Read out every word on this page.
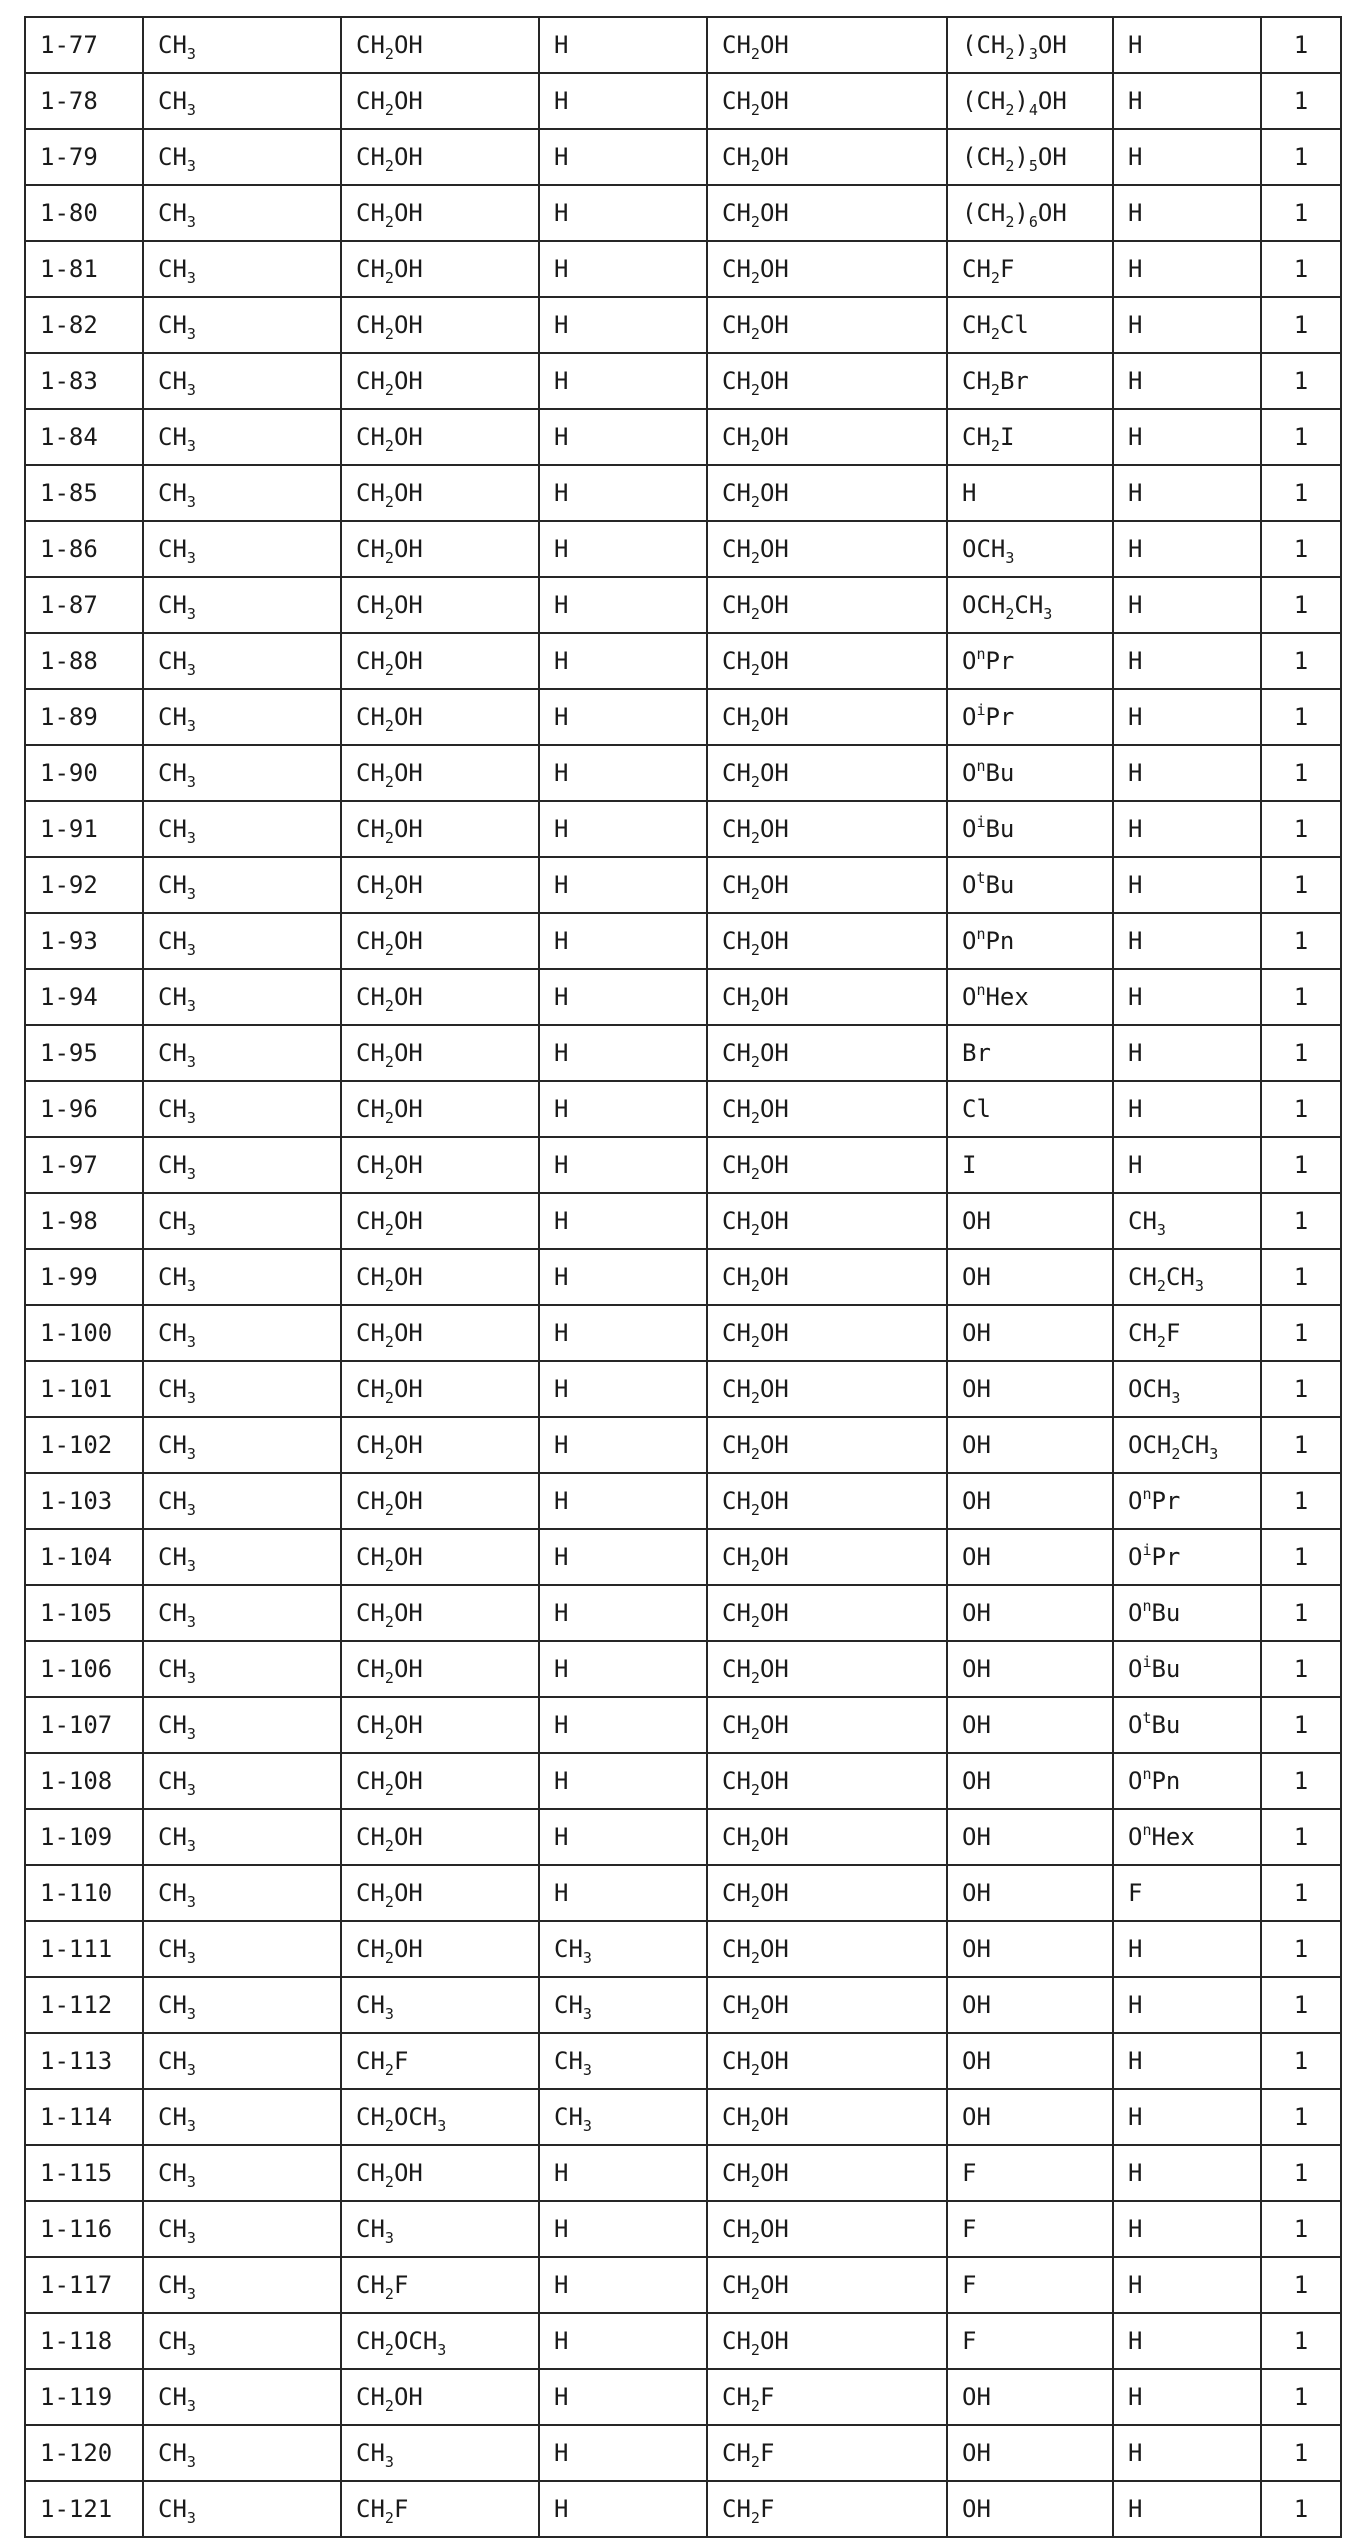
1-77	CH3	CH2OH	H	CH2OH	(CH2)3OH	H	1
1-78	CH3	CH2OH	H	CH2OH	(CH2)4OH	H	1
1-79	CH3	CH2OH	H	CH2OH	(CH2)5OH	H	1
1-80	CH3	CH2OH	H	CH2OH	(CH2)6OH	H	1
1-81	CH3	CH2OH	H	CH2OH	CH2F	H	1
1-82	CH3	CH2OH	H	CH2OH	CH2Cl	H	1
1-83	CH3	CH2OH	H	CH2OH	CH2Br	H	1
1-84	CH3	CH2OH	H	CH2OH	CH2I	H	1
1-85	CH3	CH2OH	H	CH2OH	H	H	1
1-86	CH3	CH2OH	H	CH2OH	OCH3	H	1
1-87	CH3	CH2OH	H	CH2OH	OCH2CH3	H	1
1-88	CH3	CH2OH	H	CH2OH	OnPr	H	1
1-89	CH3	CH2OH	H	CH2OH	OiPr	H	1
1-90	CH3	CH2OH	H	CH2OH	OnBu	H	1
1-91	CH3	CH2OH	H	CH2OH	OiBu	H	1
1-92	CH3	CH2OH	H	CH2OH	OtBu	H	1
1-93	CH3	CH2OH	H	CH2OH	OnPn	H	1
1-94	CH3	CH2OH	H	CH2OH	OnHex	H	1
1-95	CH3	CH2OH	H	CH2OH	Br	H	1
1-96	CH3	CH2OH	H	CH2OH	Cl	H	1
1-97	CH3	CH2OH	H	CH2OH	I	H	1
1-98	CH3	CH2OH	H	CH2OH	OH	CH3	1
1-99	CH3	CH2OH	H	CH2OH	OH	CH2CH3	1
1-100	CH3	CH2OH	H	CH2OH	OH	CH2F	1
1-101	CH3	CH2OH	H	CH2OH	OH	OCH3	1
1-102	CH3	CH2OH	H	CH2OH	OH	OCH2CH3	1
1-103	CH3	CH2OH	H	CH2OH	OH	OnPr	1
1-104	CH3	CH2OH	H	CH2OH	OH	OiPr	1
1-105	CH3	CH2OH	H	CH2OH	OH	OnBu	1
1-106	CH3	CH2OH	H	CH2OH	OH	OiBu	1
1-107	CH3	CH2OH	H	CH2OH	OH	OtBu	1
1-108	CH3	CH2OH	H	CH2OH	OH	OnPn	1
1-109	CH3	CH2OH	H	CH2OH	OH	OnHex	1
1-110	CH3	CH2OH	H	CH2OH	OH	F	1
1-111	CH3	CH2OH	CH3	CH2OH	OH	H	1
1-112	CH3	CH3	CH3	CH2OH	OH	H	1
1-113	CH3	CH2F	CH3	CH2OH	OH	H	1
1-114	CH3	CH2OCH3	CH3	CH2OH	OH	H	1
1-115	CH3	CH2OH	H	CH2OH	F	H	1
1-116	CH3	CH3	H	CH2OH	F	H	1
1-117	CH3	CH2F	H	CH2OH	F	H	1
1-118	CH3	CH2OCH3	H	CH2OH	F	H	1
1-119	CH3	CH2OH	H	CH2F	OH	H	1
1-120	CH3	CH3	H	CH2F	OH	H	1
1-121	CH3	CH2F	H	CH2F	OH	H	1
